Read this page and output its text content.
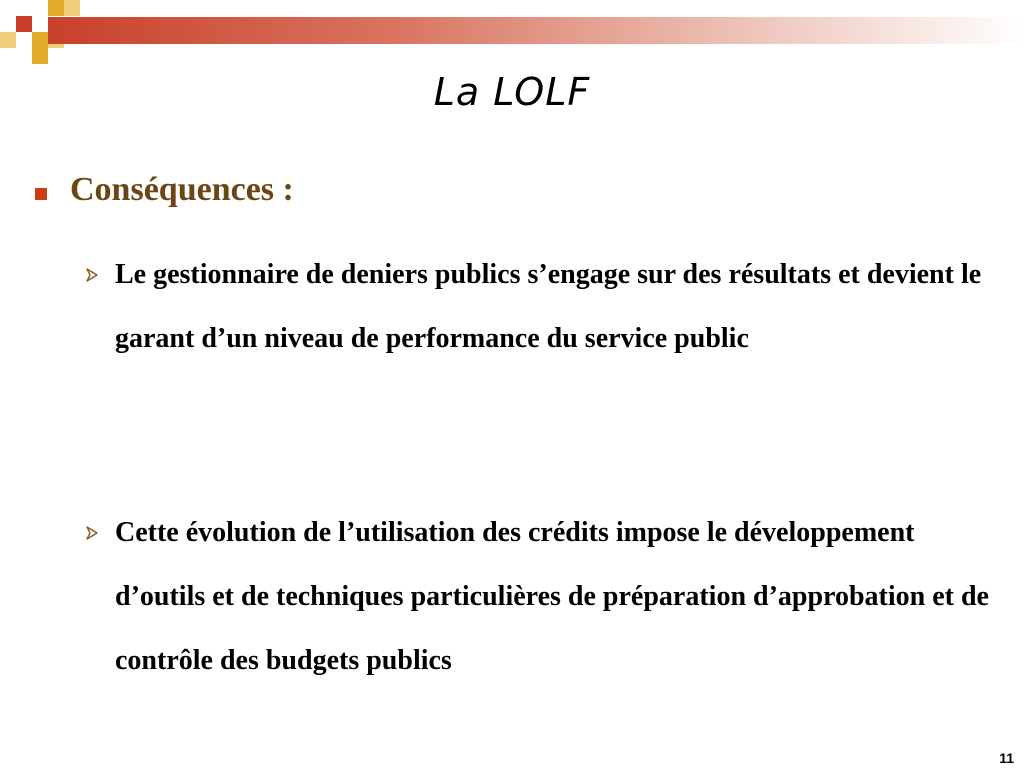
La LOLF
Conséquences :
Le gestionnaire de deniers publics s’engage sur des résultats et devient le garant d’un niveau de performance du service public
Cette évolution de l’utilisation des crédits impose le développement d’outils et de techniques particulières de préparation d’approbation et de contrôle des budgets publics
11
